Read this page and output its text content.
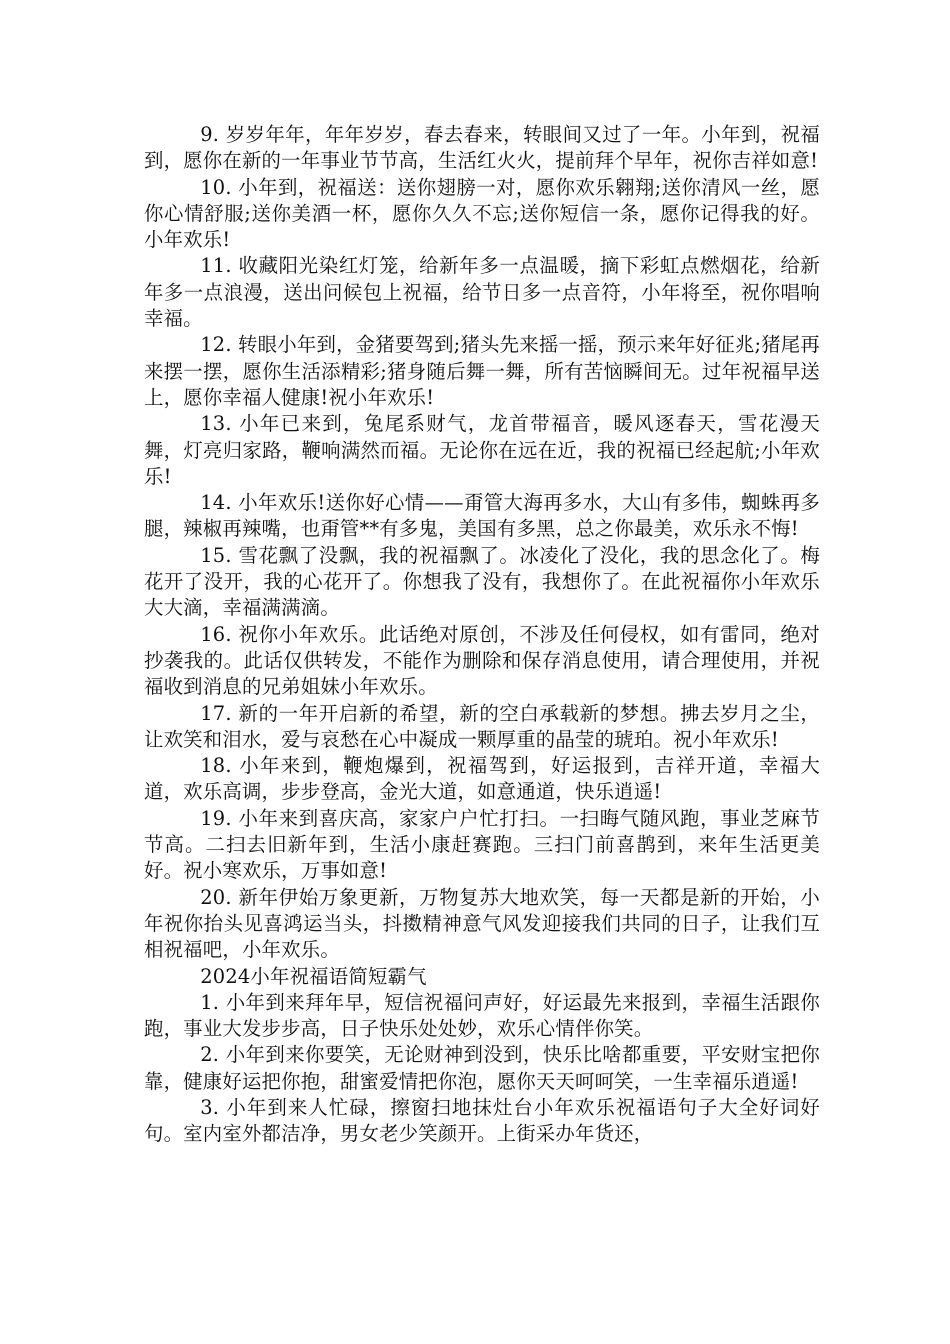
9. 岁岁年年，年年岁岁，春去春来，转眼间又过了一年。小年到，祝福到，愿你在新的一年事业节节高，生活红火火，提前拜个早年，祝你吉祥如意!

10. 小年到，祝福送：送你翅膀一对，愿你欢乐翱翔;送你清风一丝，愿你心情舒服;送你美酒一杯，愿你久久不忘;送你短信一条，愿你记得我的好。小年欢乐!

11. 收藏阳光染红灯笼，给新年多一点温暖，摘下彩虹点燃烟花，给新年多一点浪漫，送出问候包上祝福，给节日多一点音符，小年将至，祝你唱响幸福。

12. 转眼小年到，金猪要驾到;猪头先来摇一摇，预示来年好征兆;猪尾再来摆一摆，愿你生活添精彩;猪身随后舞一舞，所有苦恼瞬间无。过年祝福早送上，愿你幸福人健康!祝小年欢乐!

13. 小年已来到，兔尾系财气，龙首带福音，暖风逐春天，雪花漫天舞，灯亮归家路，鞭响满然而福。无论你在远在近，我的祝福已经起航;小年欢乐!

14. 小年欢乐!送你好心情——甭管大海再多水，大山有多伟，蜘蛛再多腿，辣椒再辣嘴，也甭管**有多鬼，美国有多黑，总之你最美，欢乐永不悔!

15. 雪花飘了没飘，我的祝福飘了。冰凌化了没化，我的思念化了。梅花开了没开，我的心花开了。你想我了没有，我想你了。在此祝福你小年欢乐大大滴，幸福满满滴。

16. 祝你小年欢乐。此话绝对原创，不涉及任何侵权，如有雷同，绝对抄袭我的。此话仅供转发，不能作为删除和保存消息使用，请合理使用，并祝福收到消息的兄弟姐妹小年欢乐。

17. 新的一年开启新的希望，新的空白承载新的梦想。拂去岁月之尘，让欢笑和泪水，爱与哀愁在心中凝成一颗厚重的晶莹的琥珀。祝小年欢乐!

18. 小年来到，鞭炮爆到，祝福驾到，好运报到，吉祥开道，幸福大道，欢乐高调，步步登高，金光大道，如意通道，快乐逍遥!

19. 小年来到喜庆高，家家户户忙打扫。一扫晦气随风跑，事业芝麻节节高。二扫去旧新年到，生活小康赶赛跑。三扫门前喜鹊到，来年生活更美好。祝小寒欢乐，万事如意!

20. 新年伊始万象更新，万物复苏大地欢笑，每一天都是新的开始，小年祝你抬头见喜鸿运当头，抖擞精神意气风发迎接我们共同的日子，让我们互相祝福吧，小年欢乐。

2024小年祝福语简短霸气

1. 小年到来拜年早，短信祝福问声好，好运最先来报到，幸福生活跟你跑，事业大发步步高，日子快乐处处妙，欢乐心情伴你笑。

2. 小年到来你要笑，无论财神到没到，快乐比啥都重要，平安财宝把你靠，健康好运把你抱，甜蜜爱情把你泡，愿你天天呵呵笑，一生幸福乐逍遥!

3. 小年到来人忙碌，擦窗扫地抹灶台小年欢乐祝福语句子大全好词好句。室内室外都洁净，男女老少笑颜开。上街采办年货还，
